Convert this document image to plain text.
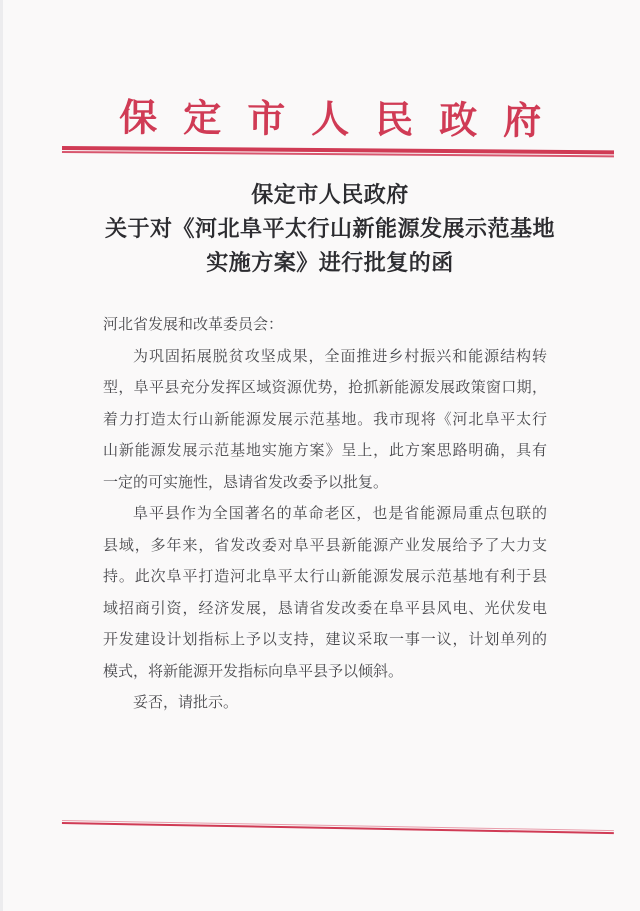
保定市人民政府
保定市人民政府
关于对《河北阜平太行山新能源发展示范基地
实施方案》进行批复的函
河北省发展和改革委员会：
为巩固拓展脱贫攻坚成果，全面推进乡村振兴和能源结构转
型，阜平县充分发挥区域资源优势，抢抓新能源发展政策窗口期，
着力打造太行山新能源发展示范基地。我市现将《河北阜平太行
山新能源发展示范基地实施方案》呈上，此方案思路明确，具有
一定的可实施性，恳请省发改委予以批复。
阜平县作为全国著名的革命老区，也是省能源局重点包联的
县域，多年来，省发改委对阜平县新能源产业发展给予了大力支
持。此次阜平打造河北阜平太行山新能源发展示范基地有利于县
域招商引资，经济发展，恳请省发改委在阜平县风电、光伏发电
开发建设计划指标上予以支持，建议采取一事一议，计划单列的
模式，将新能源开发指标向阜平县予以倾斜。
妥否，请批示。
